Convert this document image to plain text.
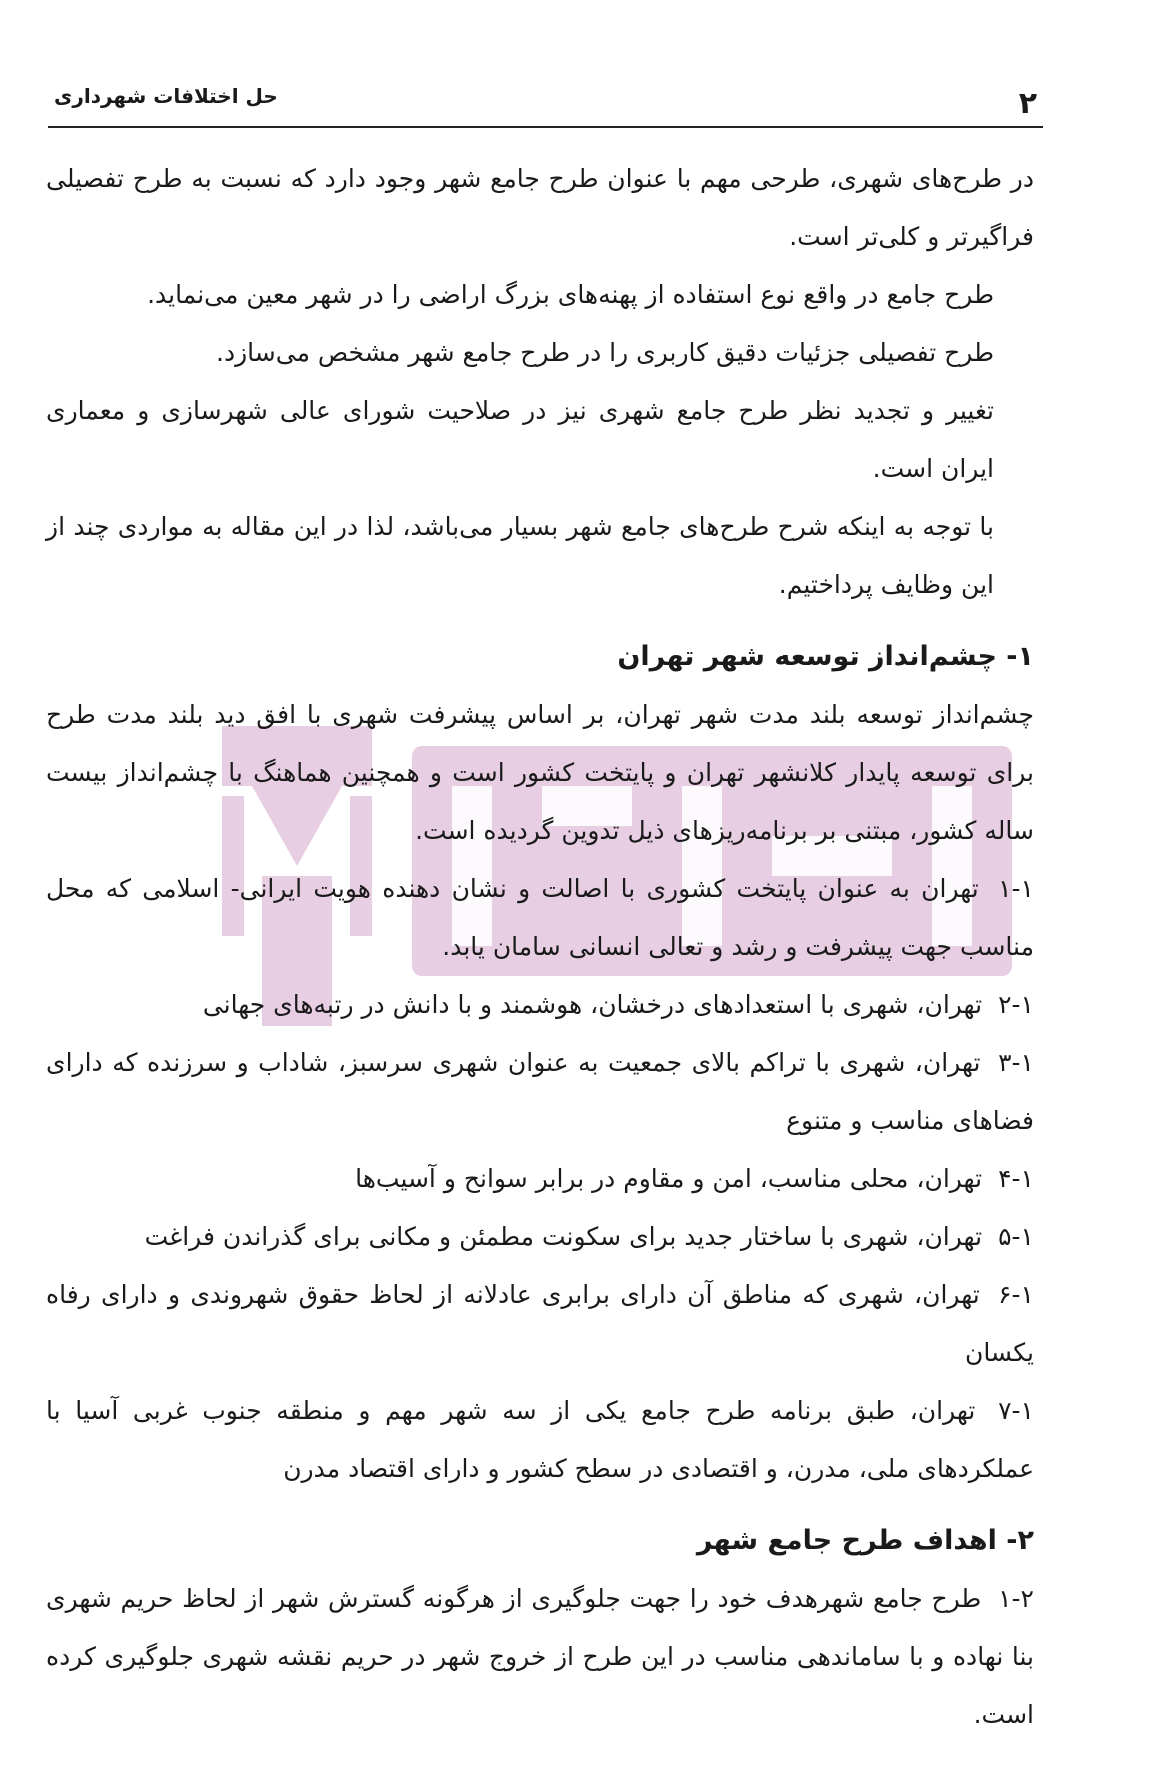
۲
حل اختلافات شهرداری

در طرح‌های شهری، طرحی مهم با عنوان طرح جامع شهر وجود دارد که نسبت به طرح تفصیلی فراگیرتر و کلی‌تر است.

طرح جامع در واقع نوع استفاده از پهنه‌های بزرگ اراضی را در شهر معین می‌نماید.

طرح تفصیلی جزئیات دقیق کاربری را در طرح جامع شهر مشخص می‌سازد.

تغییر و تجدید نظر طرح جامع شهری نیز در صلاحیت شورای عالی شهرسازی و معماری ایران است.

با توجه به اینکه شرح طرح‌های جامع شهر بسیار می‌باشد، لذا در این مقاله به مواردی چند از این وظایف پرداختیم.

۱- چشم‌انداز توسعه شهر تهران

چشم‌انداز توسعه بلند مدت شهر تهران، بر اساس پیشرفت شهری با افق دید بلند مدت طرح برای توسعه پایدار کلانشهر تهران و پایتخت کشور است و همچنین هماهنگ با چشم‌انداز بیست ساله کشور، مبتنی بر برنامه‌ریزهای ذیل تدوین گردیده است.

۱-۱ تهران به عنوان پایتخت کشوری با اصالت و نشان دهنده هویت ایرانی- اسلامی که محل مناسب جهت پیشرفت و رشد و تعالی انسانی سامان یابد.

۲-۱ تهران، شهری با استعدادهای درخشان، هوشمند و با دانش در رتبه‌های جهانی

۳-۱ تهران، شهری با تراکم بالای جمعیت به عنوان شهری سرسبز، شاداب و سرزنده که دارای فضاهای مناسب و متنوع

۴-۱ تهران، محلی مناسب، امن و مقاوم در برابر سوانح و آسیب‌ها

۵-۱ تهران، شهری با ساختار جدید برای سکونت مطمئن و مکانی برای گذراندن فراغت

۶-۱ تهران، شهری که مناطق آن دارای برابری عادلانه از لحاظ حقوق شهروندی و دارای رفاه یکسان

۷-۱ تهران، طبق برنامه طرح جامع یکی از سه شهر مهم و منطقه جنوب غربی آسیا با عملکردهای ملی، مدرن، و اقتصادی در سطح کشور و دارای اقتصاد مدرن

۲- اهداف طرح جامع شهر

۱-۲ طرح جامع شهرهدف خود را جهت جلوگیری از هرگونه گسترش شهر از لحاظ حریم شهری بنا نهاده و با ساماندهی مناسب در این طرح از خروج شهر در حریم نقشه شهری جلوگیری کرده است.
